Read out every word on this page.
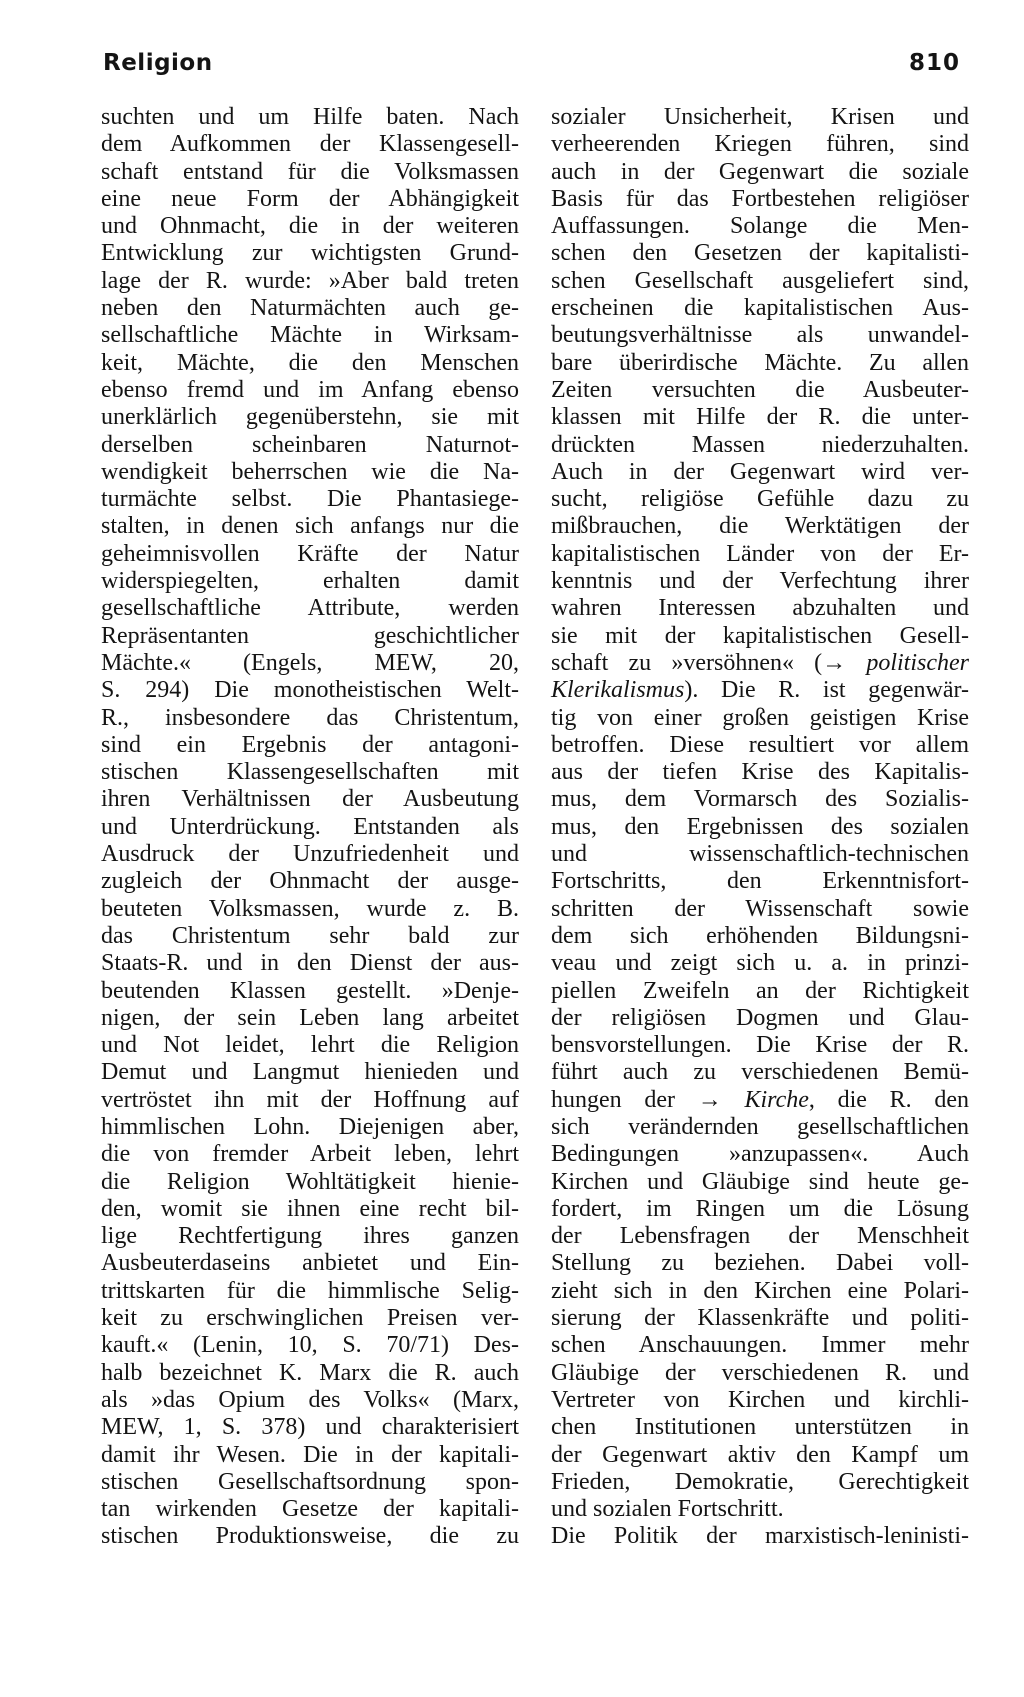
Religion	810
suchten und um Hilfe baten. Nach
dem Aufkommen der Klassengesell-
schaft entstand für die Volksmassen
eine neue Form der Abhängigkeit
und Ohnmacht, die in der weiteren
Entwicklung zur wichtigsten Grund-
lage der R. wurde: »Aber bald treten
neben den Naturmächten auch ge-
sellschaftliche Mächte in Wirksam-
keit, Mächte, die den Menschen
ebenso fremd und im Anfang ebenso
unerklärlich gegenüberstehn, sie mit
derselben scheinbaren Naturnot-
wendigkeit beherrschen wie die Na-
turmächte selbst. Die Phantasiege-
stalten, in denen sich anfangs nur die
geheimnisvollen Kräfte der Natur
widerspiegelten, erhalten damit
gesellschaftliche Attribute, werden
Repräsentanten geschichtlicher
Mächte.« (Engels, MEW, 20,
S. 294) Die monotheistischen Welt-
R., insbesondere das Christentum,
sind ein Ergebnis der antagoni-
stischen Klassengesellschaften mit
ihren Verhältnissen der Ausbeutung
und Unterdrückung. Entstanden als
Ausdruck der Unzufriedenheit und
zugleich der Ohnmacht der ausge-
beuteten Volksmassen, wurde z. B.
das Christentum sehr bald zur
Staats-R. und in den Dienst der aus-
beutenden Klassen gestellt. »Denje-
nigen, der sein Leben lang arbeitet
und Not leidet, lehrt die Religion
Demut und Langmut hienieden und
vertröstet ihn mit der Hoffnung auf
himmlischen Lohn. Diejenigen aber,
die von fremder Arbeit leben, lehrt
die Religion Wohltätigkeit hienie-
den, womit sie ihnen eine recht bil-
lige Rechtfertigung ihres ganzen
Ausbeuterdaseins anbietet und Ein-
trittskarten für die himmlische Selig-
keit zu erschwinglichen Preisen ver-
kauft.« (Lenin, 10, S. 70/71) Des-
halb bezeichnet K. Marx die R. auch
als »das Opium des Volks« (Marx,
MEW, 1, S. 378) und charakterisiert
damit ihr Wesen. Die in der kapitali-
stischen Gesellschaftsordnung spon-
tan wirkenden Gesetze der kapitali-
stischen Produktionsweise, die zu
sozialer Unsicherheit, Krisen und
verheerenden Kriegen führen, sind
auch in der Gegenwart die soziale
Basis für das Fortbestehen religiöser
Auffassungen. Solange die Men-
schen den Gesetzen der kapitalisti-
schen Gesellschaft ausgeliefert sind,
erscheinen die kapitalistischen Aus-
beutungsverhältnisse als unwandel-
bare überirdische Mächte. Zu allen
Zeiten versuchten die Ausbeuter-
klassen mit Hilfe der R. die unter-
drückten Massen niederzuhalten.
Auch in der Gegenwart wird ver-
sucht, religiöse Gefühle dazu zu
mißbrauchen, die Werktätigen der
kapitalistischen Länder von der Er-
kenntnis und der Verfechtung ihrer
wahren Interessen abzuhalten und
sie mit der kapitalistischen Gesell-
schaft zu »versöhnen« (→ politischer
Klerikalismus). Die R. ist gegenwär-
tig von einer großen geistigen Krise
betroffen. Diese resultiert vor allem
aus der tiefen Krise des Kapitalis-
mus, dem Vormarsch des Sozialis-
mus, den Ergebnissen des sozialen
und wissenschaftlich-technischen
Fortschritts, den Erkenntnisfort-
schritten der Wissenschaft sowie
dem sich erhöhenden Bildungsni-
veau und zeigt sich u. a. in prinzi-
piellen Zweifeln an der Richtigkeit
der religiösen Dogmen und Glau-
bensvorstellungen. Die Krise der R.
führt auch zu verschiedenen Bemü-
hungen der → Kirche, die R. den
sich verändernden gesellschaftlichen
Bedingungen »anzupassen«. Auch
Kirchen und Gläubige sind heute ge-
fordert, im Ringen um die Lösung
der Lebensfragen der Menschheit
Stellung zu beziehen. Dabei voll-
zieht sich in den Kirchen eine Polari-
sierung der Klassenkräfte und politi-
schen Anschauungen. Immer mehr
Gläubige der verschiedenen R. und
Vertreter von Kirchen und kirchli-
chen Institutionen unterstützen in
der Gegenwart aktiv den Kampf um
Frieden, Demokratie, Gerechtigkeit
und sozialen Fortschritt.
Die Politik der marxistisch-leninisti-
